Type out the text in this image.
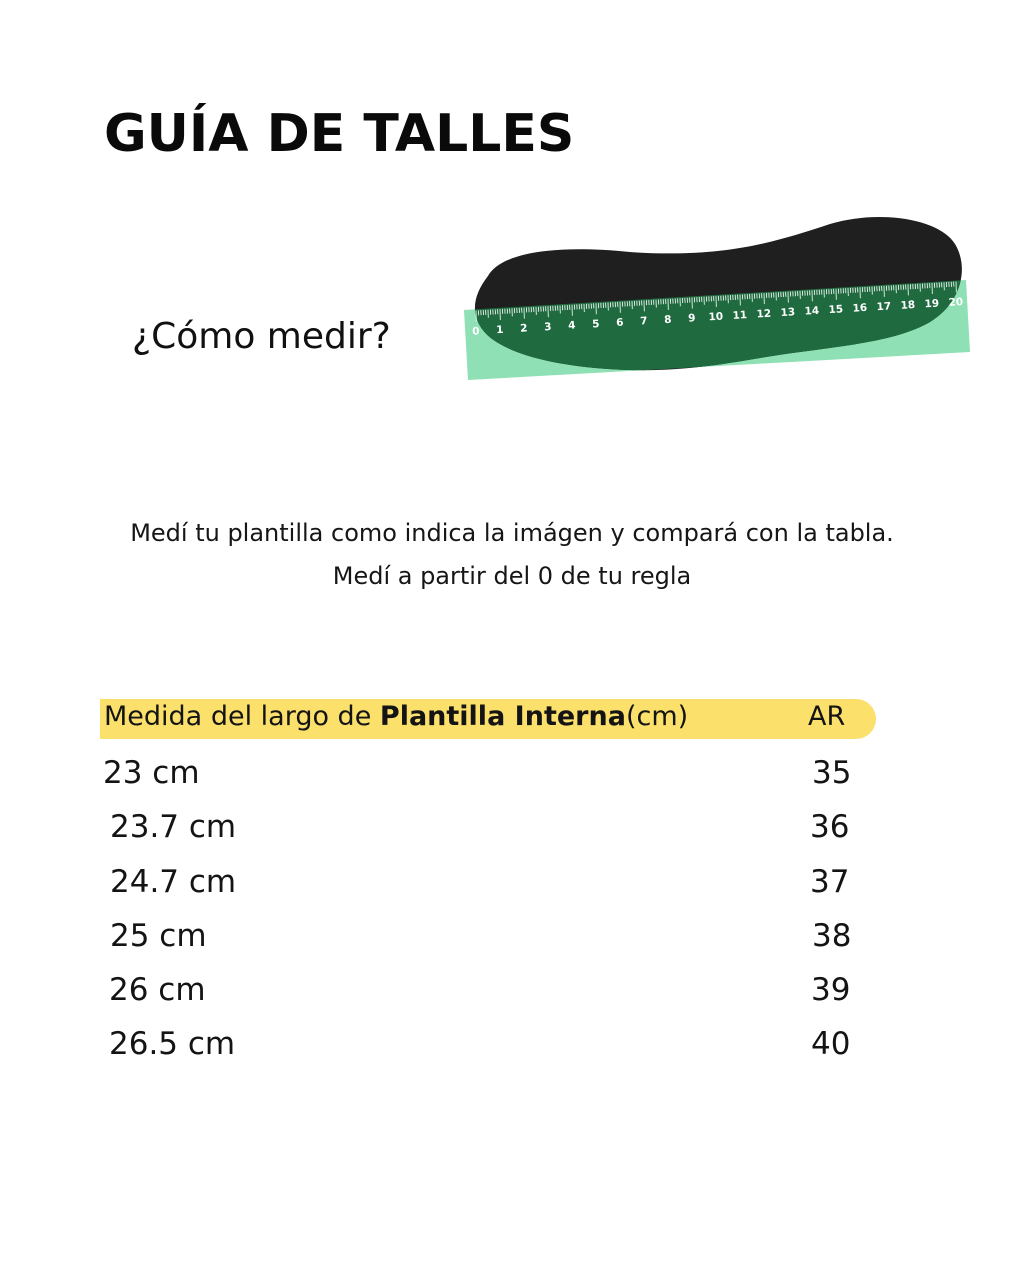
GUÍA DE TALLES
¿Cómo medir?	0 1 2 3 4 5 6 7 8 9 10 11 12 13 14 15 16 17 18 19 20
Medí tu plantilla como indica la imágen y compará con la tabla.
Medí a partir del 0 de tu regla
Medida del largo de Plantilla Interna(cm)	AR
23 cm	35
23.7 cm	36
24.7 cm	37
25 cm	38
26 cm	39
26.5 cm	40
